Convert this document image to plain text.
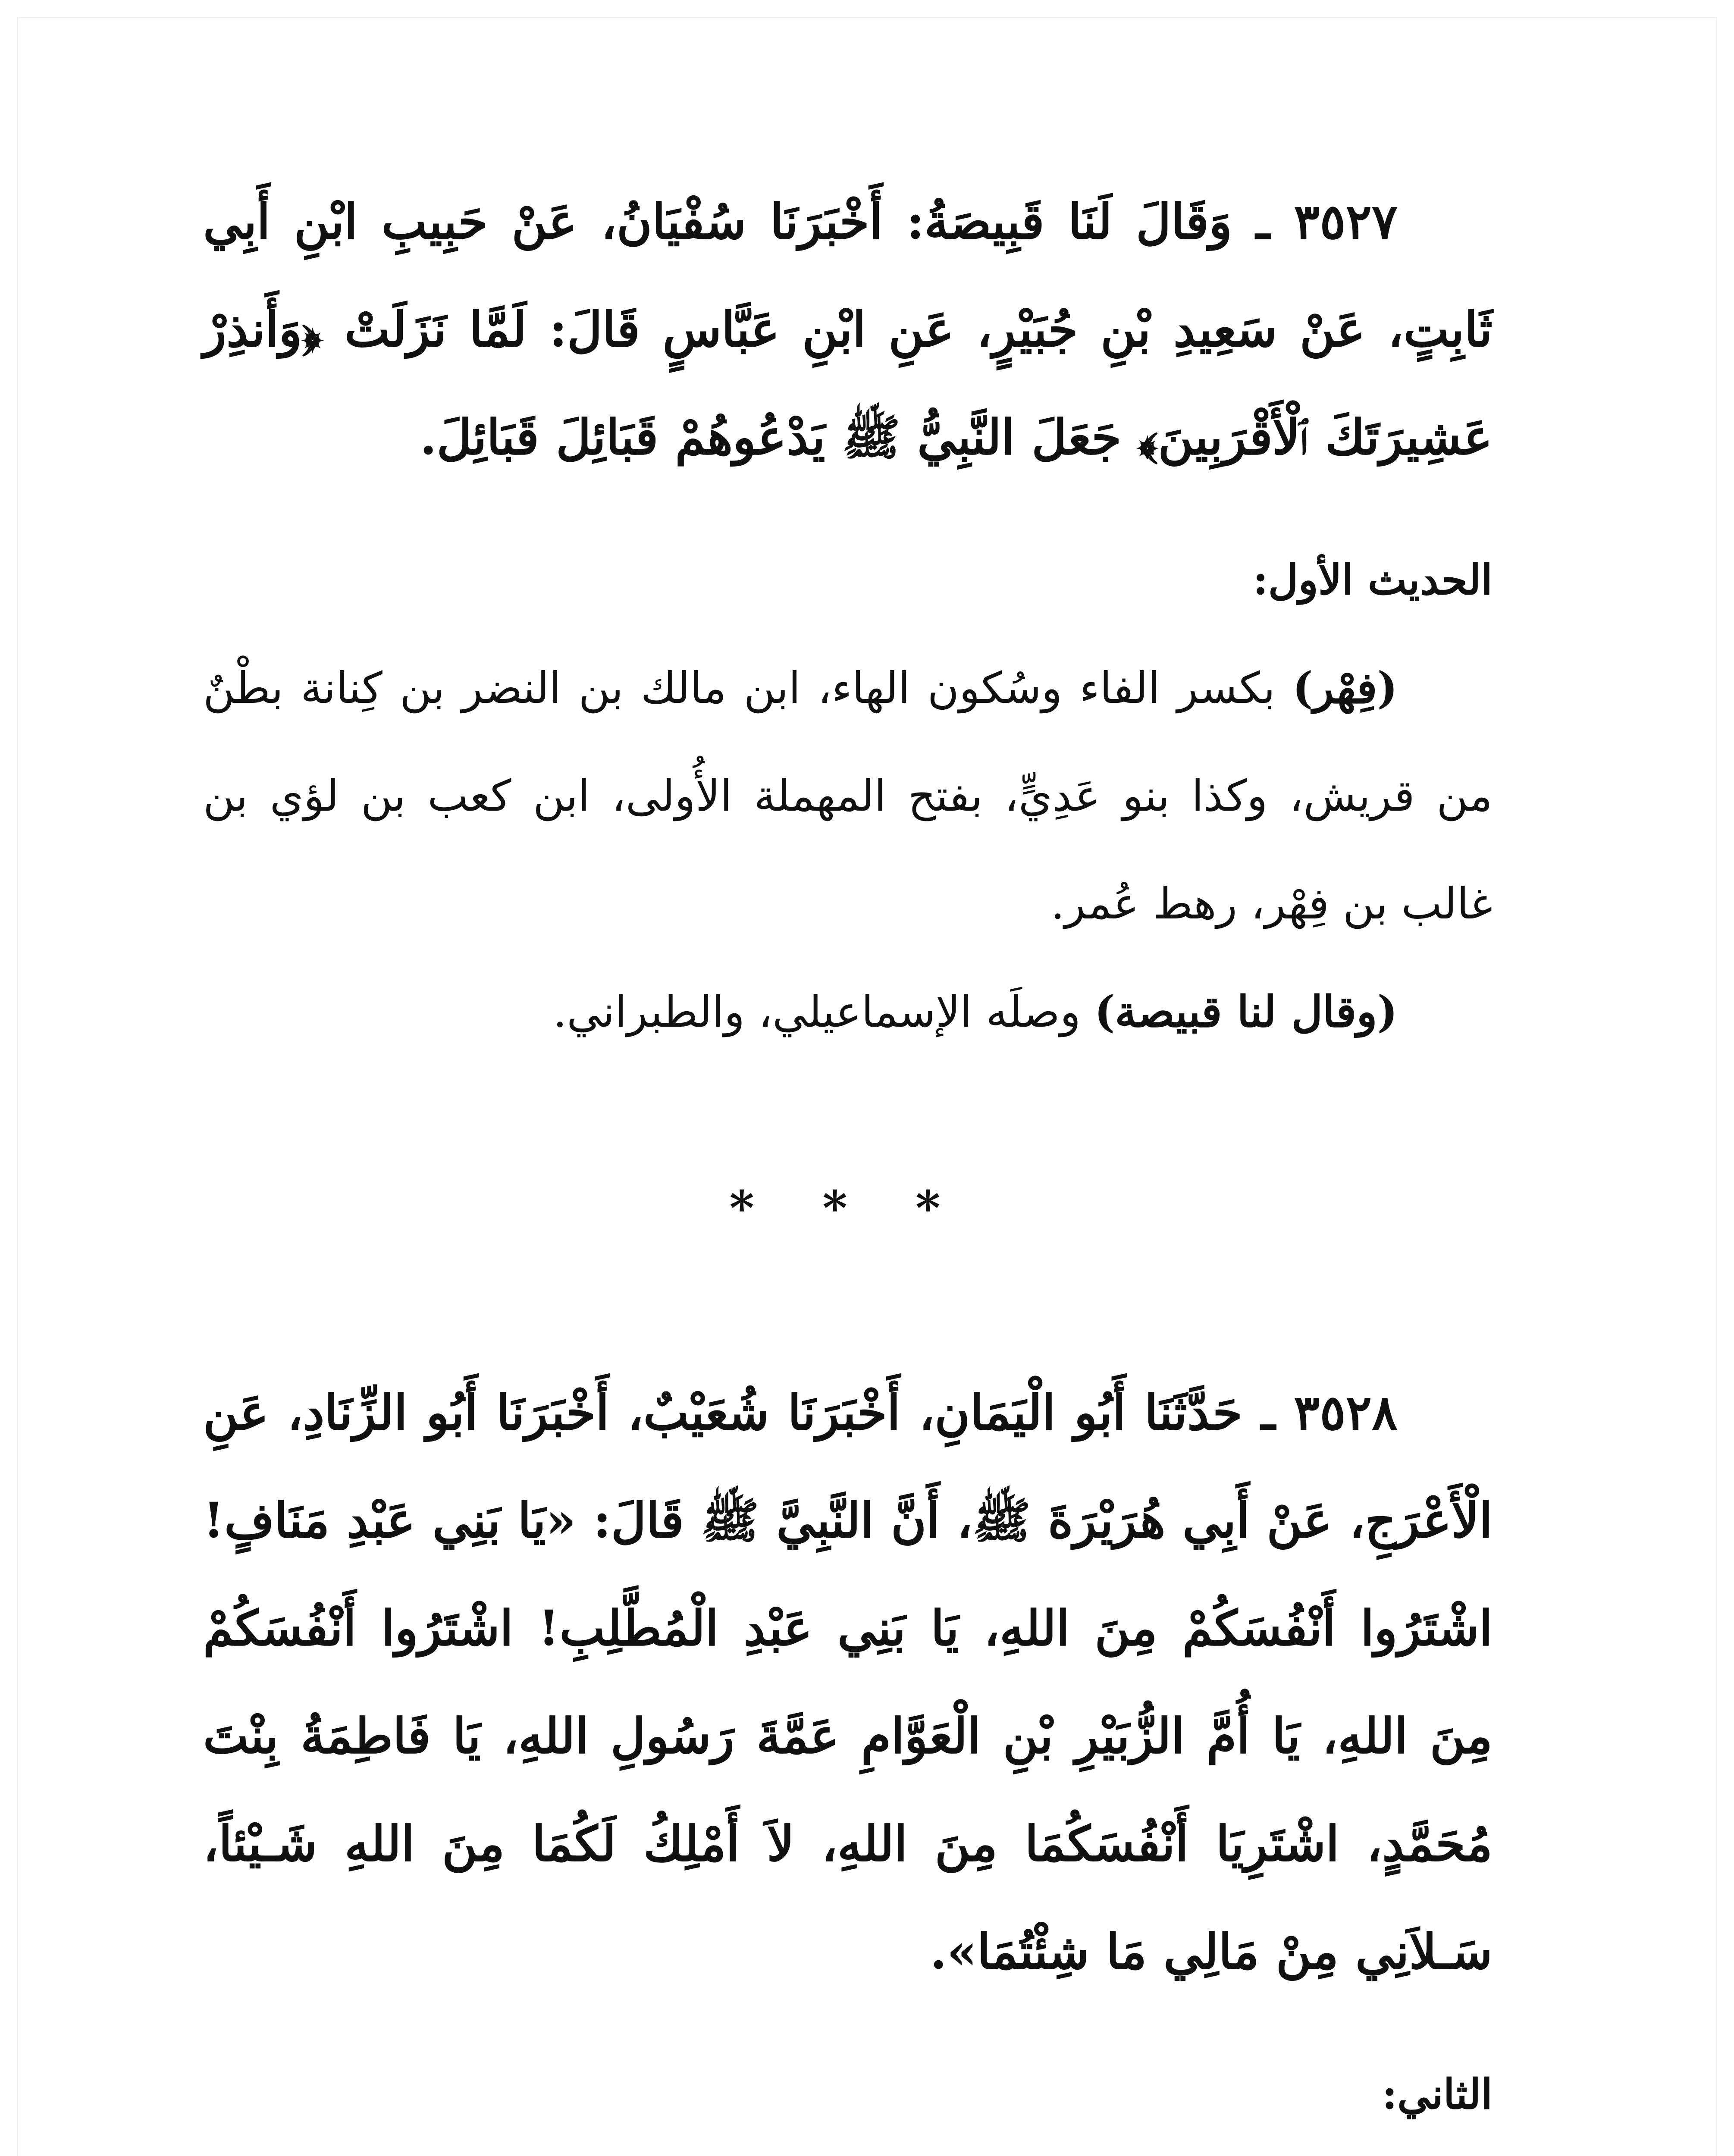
٣٥٢٧ ـ وَقَالَ لَنَا قَبِيصَةُ: أَخْبَرَنَا سُفْيَانُ، عَنْ حَبِيبِ ابْنِ أَبِي ثَابِتٍ، عَنْ سَعِيدِ بْنِ جُبَيْرٍ، عَنِ ابْنِ عَبَّاسٍ قَالَ: لَمَّا نَزَلَتْ ﴿وَأَنذِرْ عَشِيرَتَكَ ٱلْأَقْرَبِينَ﴾ جَعَلَ النَّبِيُّ ﷺ يَدْعُوهُمْ قَبَائِلَ قَبَائِلَ.

الحديث الأول:

(فِهْر) بكسر الفاء وسُكون الهاء، ابن مالك بن النضر بن كِنانة بطْنٌ من قريش، وكذا بنو عَدِيٍّ، بفتح المهملة الأُولى، ابن كعب بن لؤي بن غالب بن فِهْر، رهط عُمر.

(وقال لنا قبيصة) وصلَه الإسماعيلي، والطبراني.

* * *

٣٥٢٨ ـ حَدَّثَنَا أَبُو الْيَمَانِ، أَخْبَرَنَا شُعَيْبٌ، أَخْبَرَنَا أَبُو الزِّنَادِ، عَنِ الْأَعْرَجِ، عَنْ أَبِي هُرَيْرَةَ ﷺ، أَنَّ النَّبِيَّ ﷺ قَالَ: «يَا بَنِي عَبْدِ مَنَافٍ! اشْتَرُوا أَنْفُسَكُمْ مِنَ اللهِ، يَا بَنِي عَبْدِ الْمُطَّلِبِ! اشْتَرُوا أَنْفُسَكُمْ مِنَ اللهِ، يَا أُمَّ الزُّبَيْرِ بْنِ الْعَوَّامِ عَمَّةَ رَسُولِ اللهِ، يَا فَاطِمَةُ بِنْتَ مُحَمَّدٍ، اشْتَرِيَا أَنْفُسَكُمَا مِنَ اللهِ، لاَ أَمْلِكُ لَكُمَا مِنَ اللهِ شَـيْئاً، سَـلاَنِي مِنْ مَالِي مَا شِئْتُمَا».

الثاني:
